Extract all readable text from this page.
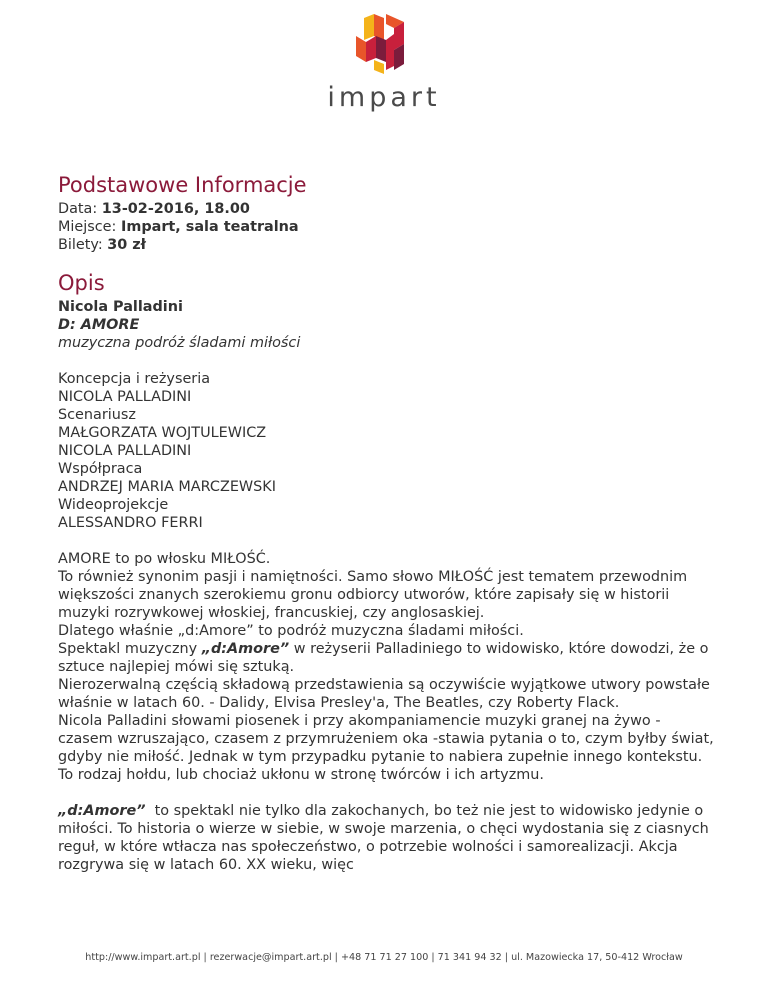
impart
Podstawowe Informacje

Data: 13-02-2016, 18.00

Miejsce: Impart, sala teatralna

Bilety: 30 zł

Opis

Nicola Palladini

D: AMORE

muzyczna podróż śladami miłości

Koncepcja i reżyseria

NICOLA PALLADINI

Scenariusz

MAŁGORZATA WOJTULEWICZ

NICOLA PALLADINI

Współpraca

ANDRZEJ MARIA MARCZEWSKI

Wideoprojekcje

ALESSANDRO FERRI

AMORE to po włosku MIŁOŚĆ.

To również synonim pasji i namiętności. Samo słowo MIŁOŚĆ jest tematem przewodnim większości znanych szerokiemu gronu odbiorcy utworów, które zapisały się w historii muzyki rozrywkowej włoskiej, francuskiej, czy anglosaskiej.

Dlatego właśnie „d:Amore” to podróż muzyczna śladami miłości.

Spektakl muzyczny „d:Amore” w reżyserii Palladiniego to widowisko, które dowodzi, że o sztuce najlepiej mówi się sztuką.

Nierozerwalną częścią składową przedstawienia są oczywiście wyjątkowe utwory powstałe właśnie w latach 60. - Dalidy, Elvisa Presley'a, The Beatles, czy Roberty Flack.

Nicola Palladini słowami piosenek i przy akompaniamencie muzyki granej na żywo - czasem wzruszająco, czasem z przymrużeniem oka -stawia pytania o to, czym byłby świat, gdyby nie miłość. Jednak w tym przypadku pytanie to nabiera zupełnie innego kontekstu. To rodzaj hołdu, lub chociaż ukłonu w stronę twórców i ich artyzmu.

„d:Amore”  to spektakl nie tylko dla zakochanych, bo też nie jest to widowisko jedynie o miłości. To historia o wierze w siebie, w swoje marzenia, o chęci wydostania się z ciasnych reguł, w które wtłacza nas społeczeństwo, o potrzebie wolności i samorealizacji. Akcja rozgrywa się w latach 60. XX wieku, więc

http://www.impart.art.pl | rezerwacje@impart.art.pl | +48 71 71 27 100 | 71 341 94 32 | ul. Mazowiecka 17, 50-412 Wrocław
